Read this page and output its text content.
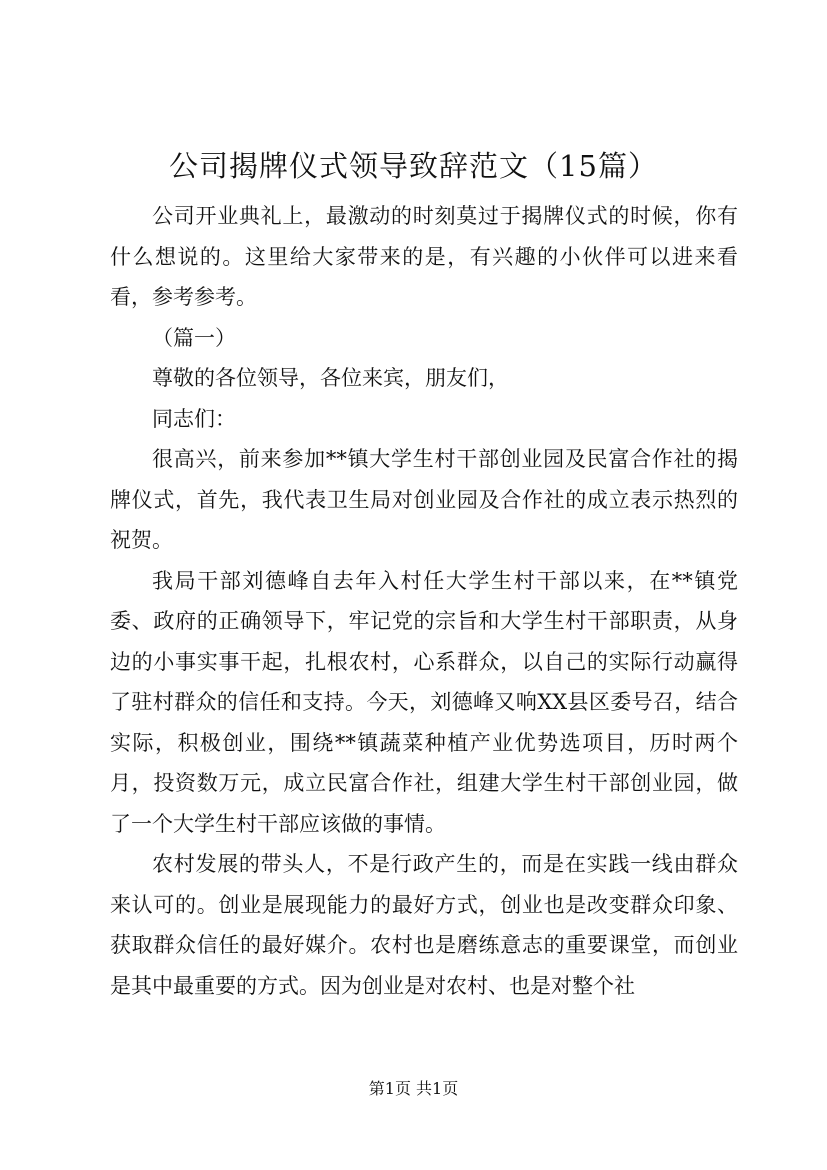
公司揭牌仪式领导致辞范文（15篇）

公司开业典礼上，最激动的时刻莫过于揭牌仪式的时候，你有什么想说的。这里给大家带来的是，有兴趣的小伙伴可以进来看看，参考参考。

（篇一）

尊敬的各位领导，各位来宾，朋友们，

同志们：

很高兴，前来参加**镇大学生村干部创业园及民富合作社的揭牌仪式，首先，我代表卫生局对创业园及合作社的成立表示热烈的祝贺。

我局干部刘德峰自去年入村任大学生村干部以来，在**镇党委、政府的正确领导下，牢记党的宗旨和大学生村干部职责，从身边的小事实事干起，扎根农村，心系群众，以自己的实际行动赢得了驻村群众的信任和支持。今天，刘德峰又响XX县区委号召，结合实际，积极创业，围绕**镇蔬菜种植产业优势选项目，历时两个月，投资数万元，成立民富合作社，组建大学生村干部创业园，做了一个大学生村干部应该做的事情。

农村发展的带头人，不是行政产生的，而是在实践一线由群众来认可的。创业是展现能力的最好方式，创业也是改变群众印象、获取群众信任的最好媒介。农村也是磨练意志的重要课堂，而创业是其中最重要的方式。因为创业是对农村、也是对整个社

第1页 共1页
